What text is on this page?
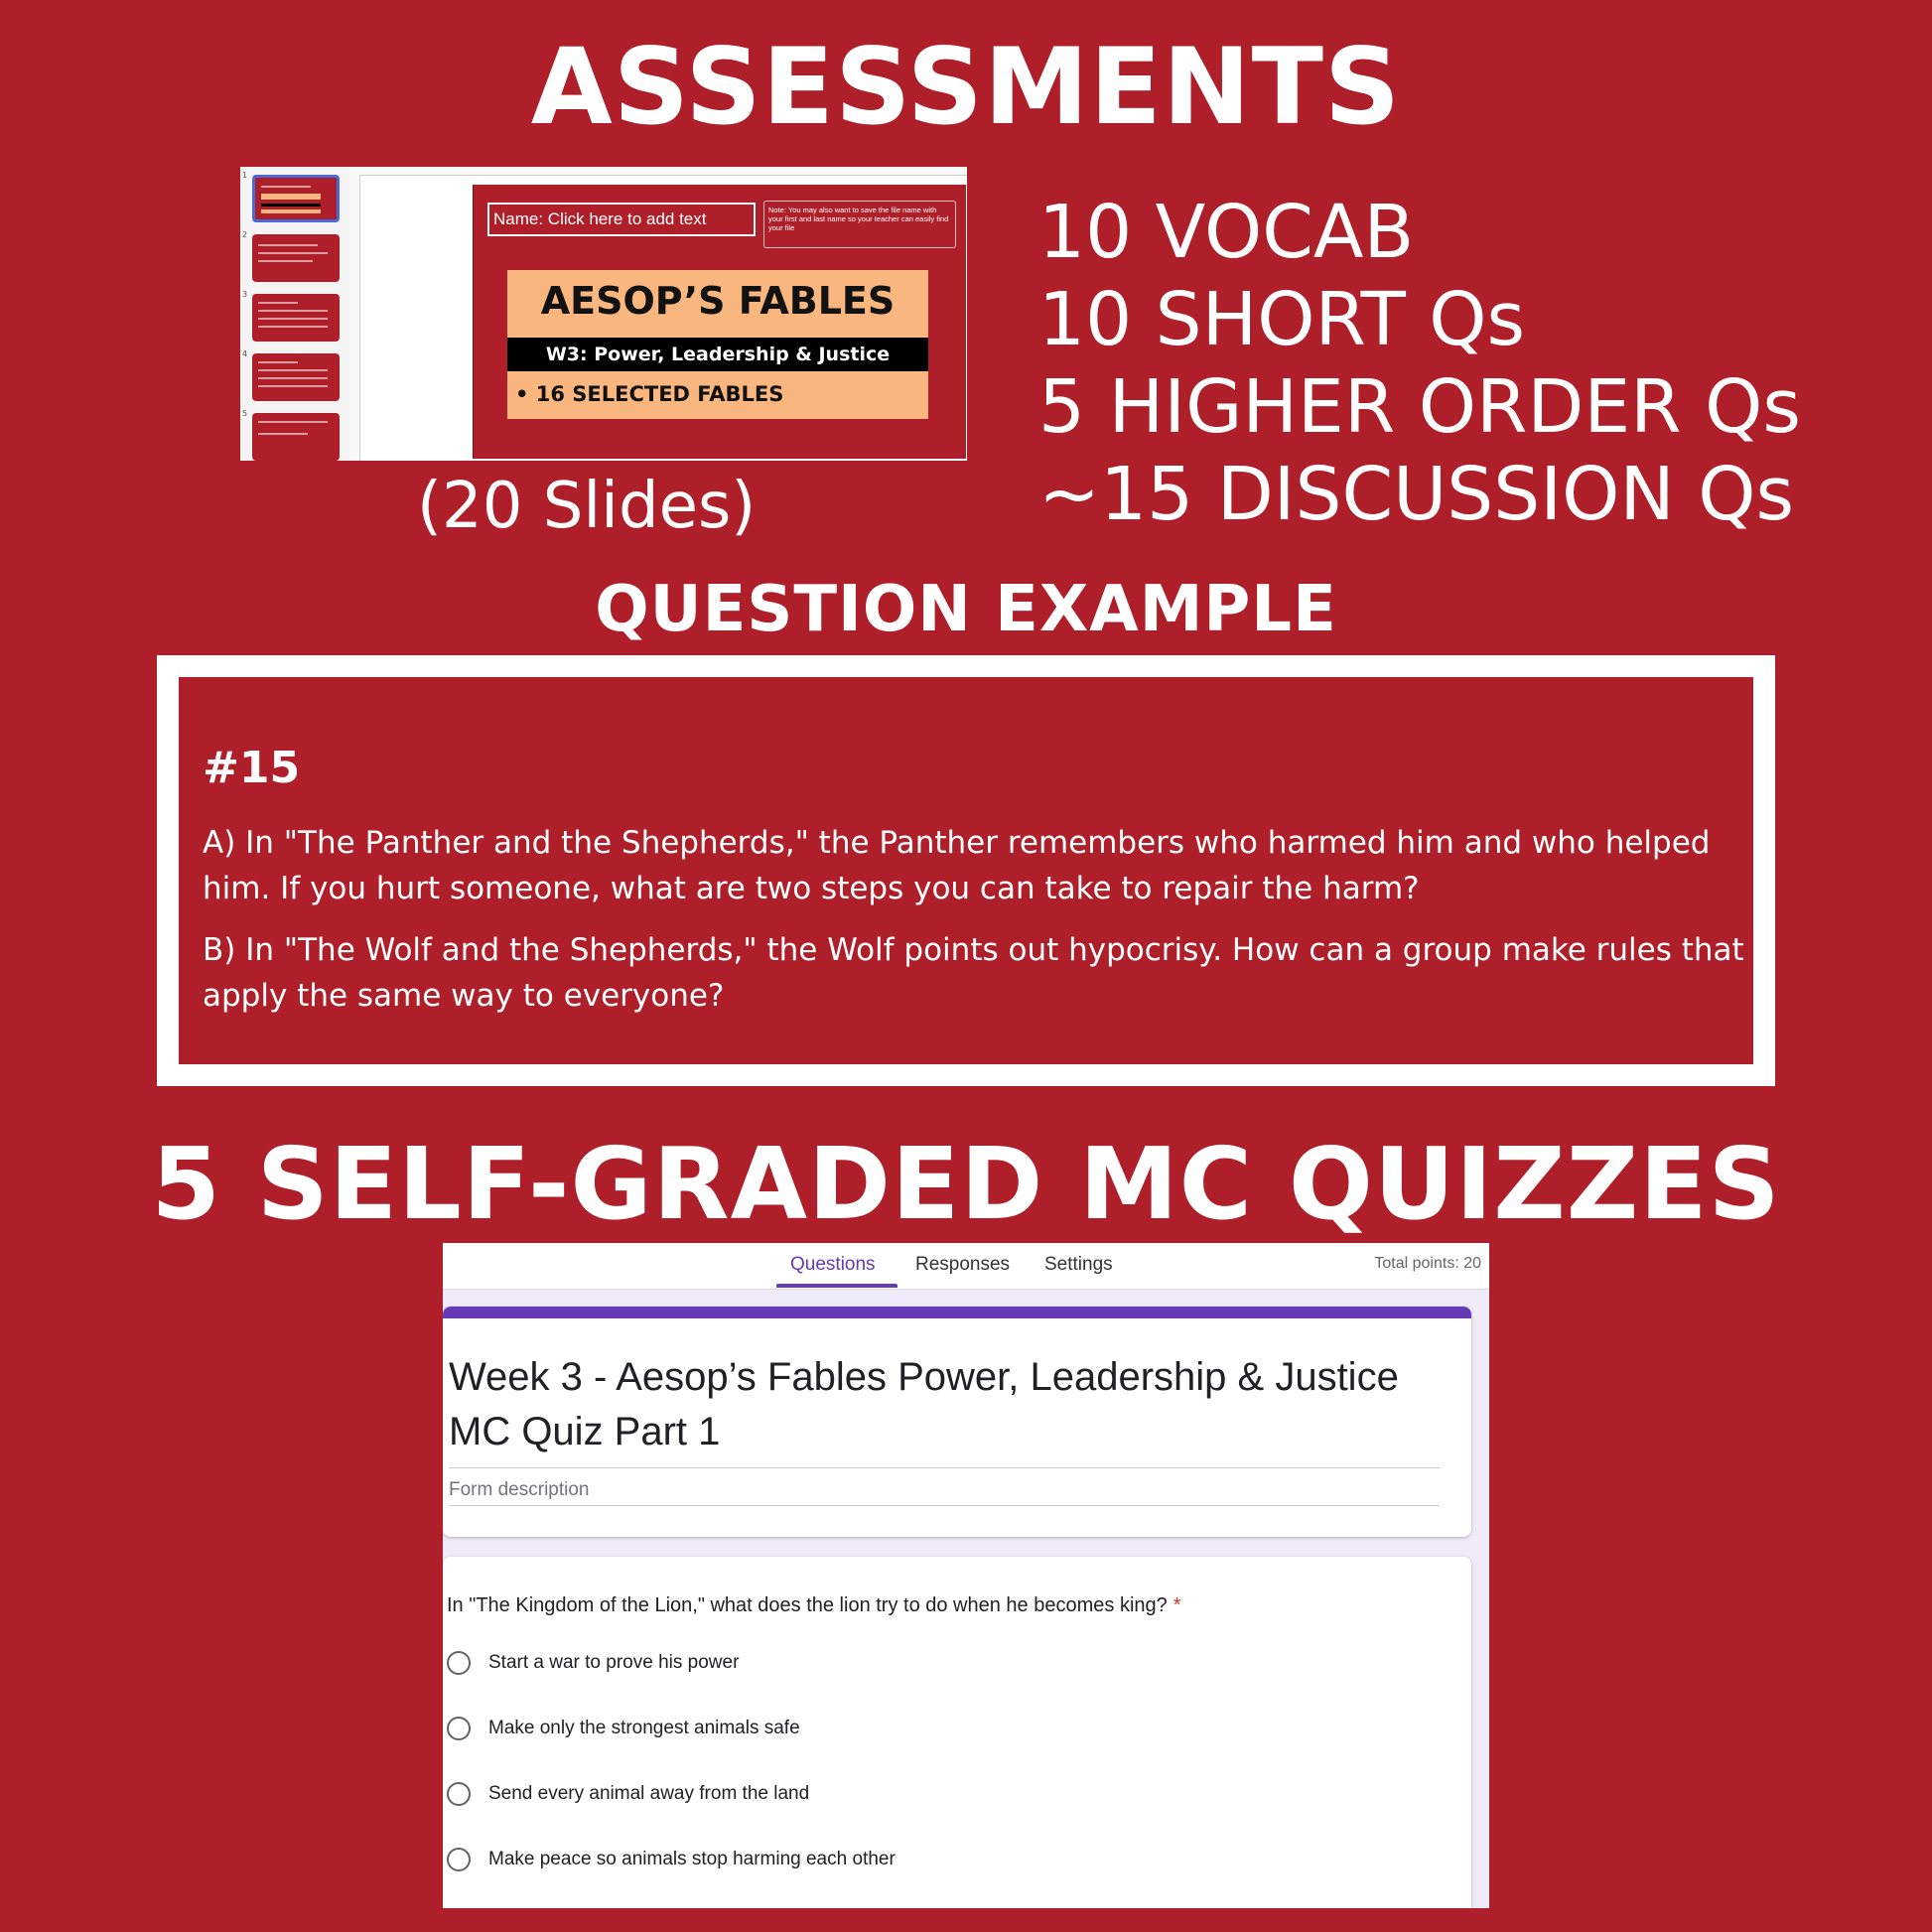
ASSESSMENTS
1
2
3
4
5
Name: Click here to add text	Note: You may also want to save the file name with your first and last name so your teacher can easily find your file
AESOP’S FABLES
W3: Power, Leadership & Justice
• 16 SELECTED FABLES
(20 Slides)
10 VOCAB
10 SHORT Qs
5 HIGHER ORDER Qs
~15 DISCUSSION Qs
QUESTION EXAMPLE
#15
A) In "The Panther and the Shepherds," the Panther remembers who harmed him and who helped him. If you hurt someone, what are two steps you can take to repair the harm?
B) In "The Wolf and the Shepherds," the Wolf points out hypocrisy. How can a group make rules that apply the same way to everyone?
5 SELF-GRADED MC QUIZZES
Questions Responses Settings	Total points: 20
Week 3 - Aesop’s Fables Power, Leadership & Justice MC Quiz Part 1
Form description
In "The Kingdom of the Lion," what does the lion try to do when he becomes king? *
Start a war to prove his power
Make only the strongest animals safe
Send every animal away from the land
Make peace so animals stop harming each other
